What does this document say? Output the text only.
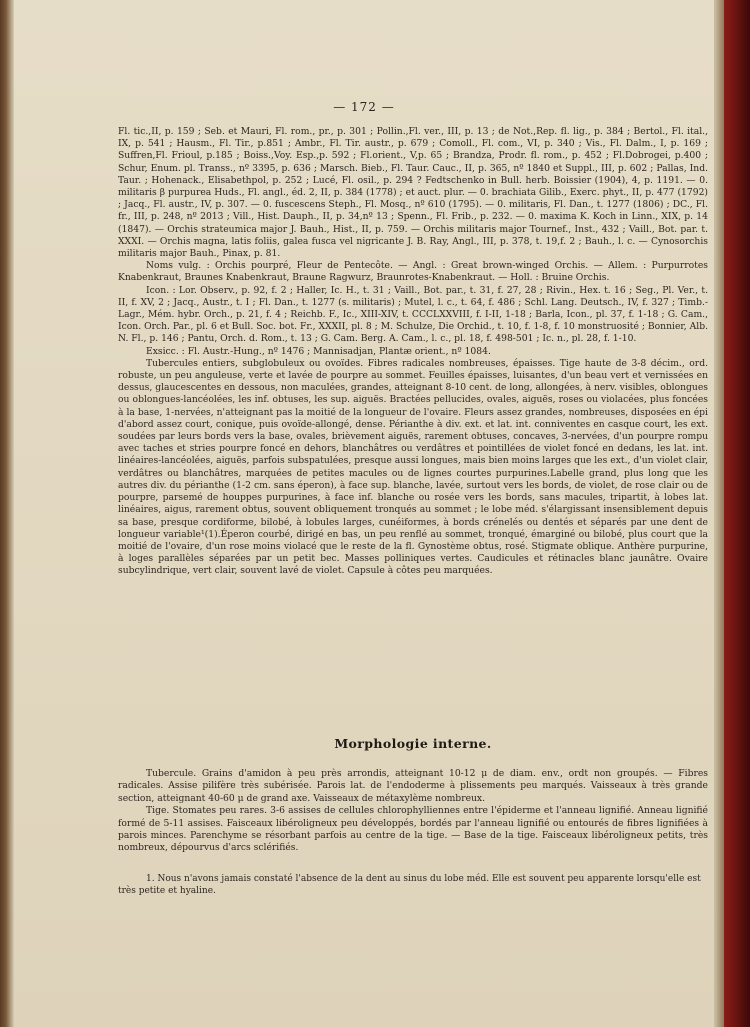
— 172 —

Fl. tic.,II, p. 159 ; Seb. et Mauri, Fl. rom., pr., p. 301 ; Pollin.,Fl. ver., III, p. 13 ; de Not.,Rep. fl. lig., p. 384 ; Bertol., Fl. ital., IX, p. 541 ; Hausm., Fl. Tir., p.851 ; Ambr., Fl. Tir. austr., p. 679 ; Comoll., Fl. com., VI, p. 340 ; Vis., Fl. Dalm., I, p. 169 ; Suffren,Fl. Frioul, p.185 ; Boiss.,Voy. Esp.,p. 592 ; Fl.orient., V,p. 65 ; Brandza, Prodr. fl. rom., p. 452 ; Fl.Dobrogei, p.400 ; Schur, Enum. pl. Transs., nº 3395, p. 636 ; Marsch. Bieb., Fl. Taur. Cauc., II, p. 365, nº 1840 et Suppl., III, p. 602 ; Pallas, Ind. Taur. ; Hohenack., Elisabethpol, p. 252 ; Lucé, Fl. osil., p. 294 ? Fedtschenko in Bull. herb. Boissier (1904), 4, p. 1191. — 0. militaris β purpurea Huds., Fl. angl., éd. 2, II, p. 384 (1778) ; et auct. plur. — 0. brachiata Gilib., Exerc. phyt., II, p. 477 (1792) ; Jacq., Fl. austr., IV, p. 307. — 0. fuscescens Steph., Fl. Mosq., nº 610 (1795). — 0. militaris, Fl. Dan., t. 1277 (1806) ; DC., Fl. fr., III, p. 248, nº 2013 ; Vill., Hist. Dauph., II, p. 34,nº 13 ; Spenn., Fl. Frib., p. 232. — 0. maxima K. Koch in Linn., XIX, p. 14 (1847). — Orchis strateumica major J. Bauh., Hist., II, p. 759. — Orchis militaris major Tournef., Inst., 432 ; Vaill., Bot. par. t. XXXI. — Orchis magna, latis foliis, galea fusca vel nigricante J. B. Ray, Angl., III, p. 378, t. 19,f. 2 ; Bauh., l. c. — Cynosorchis militaris major Bauh., Pinax, p. 81.

Noms vulg. : Orchis pourpré, Fleur de Pentecôte. — Angl. : Great brown-winged Orchis. — Allem. : Purpurrotes Knabenkraut, Braunes Knabenkraut, Braune Ragwurz, Braunrotes-Knabenkraut. — Holl. : Bruine Orchis.

Icon. : Lor. Observ., p. 92, f. 2 ; Haller, Ic. H., t. 31 ; Vaill., Bot. par., t. 31, f. 27, 28 ; Rivin., Hex. t. 16 ; Seg., Pl. Ver., t. II, f. XV, 2 ; Jacq., Austr., t. I ; Fl. Dan., t. 1277 (s. militaris) ; Mutel, l. c., t. 64, f. 486 ; Schl. Lang. Deutsch., IV, f. 327 ; Timb.-Lagr., Mém. hybr. Orch., p. 21, f. 4 ; Reichb. F., Ic., XIII-XIV, t. CCCLXXVIII, f. I-II, 1-18 ; Barla, Icon., pl. 37, f. 1-18 ; G. Cam., Icon. Orch. Par., pl. 6 et Bull. Soc. bot. Fr., XXXII, pl. 8 ; M. Schulze, Die Orchid., t. 10, f. 1-8, f. 10 monstruosité ; Bonnier, Alb. N. Fl., p. 146 ; Pantu, Orch. d. Rom., t. 13 ; G. Cam. Berg. A. Cam., l. c., pl. 18, f. 498-501 ; Ic. n., pl. 28, f. 1-10.

Exsicc. : Fl. Austr.-Hung., nº 1476 ; Mannisadjan, Plantæ orient., nº 1084.

Tubercules entiers, subglobuleux ou ovoïdes. Fibres radicales nombreuses, épaisses. Tige haute de 3-8 décim., ord. robuste, un peu anguleuse, verte et lavée de pourpre au sommet. Feuilles épaisses, luisantes, d'un beau vert et vernissées en dessus, glaucescentes en dessous, non maculées, grandes, atteignant 8-10 cent. de long, allongées, à nerv. visibles, oblongues ou oblongues-lancéolées, les inf. obtuses, les sup. aiguës. Bractées pellucides, ovales, aiguës, roses ou violacées, plus foncées à la base, 1-nervées, n'atteignant pas la moitié de la longueur de l'ovaire. Fleurs assez grandes, nombreuses, disposées en épi d'abord assez court, conique, puis ovoïde-allongé, dense. Périanthe à div. ext. et lat. int. conniventes en casque court, les ext. soudées par leurs bords vers la base, ovales, brièvement aiguës, rarement obtuses, concaves, 3-nervées, d'un pourpre rompu avec taches et stries pourpre foncé en dehors, blanchâtres ou verdâtres et pointillées de violet foncé en dedans, les lat. int. linéaires-lancéolées, aiguës, parfois subspatulées, presque aussi longues, mais bien moins larges que les ext., d'un violet clair, verdâtres ou blanchâtres, marquées de petites macules ou de lignes courtes purpurines.Labelle grand, plus long que les autres div. du périanthe (1-2 cm. sans éperon), à face sup. blanche, lavée, surtout vers les bords, de violet, de rose clair ou de pourpre, parsemé de houppes purpurines, à face inf. blanche ou rosée vers les bords, sans macules, tripartit, à lobes lat. linéaires, aigus, rarement obtus, souvent obliquement tronqués au sommet ; le lobe méd. s'élargissant insensiblement depuis sa base, presque cordiforme, bilobé, à lobules larges, cunéiformes, à bords crénelés ou dentés et séparés par une dent de longueur variable¹(1).Éperon courbé, dirigé en bas, un peu renflé au sommet, tronqué, émarginé ou bilobé, plus court que la moitié de l'ovaire, d'un rose moins violacé que le reste de la fl. Gynostème obtus, rosé. Stigmate oblique. Anthère purpurine, à loges parallèles séparées par un petit bec. Masses polliniques vertes. Caudicules et rétinacles blanc jaunâtre. Ovaire subcylindrique, vert clair, souvent lavé de violet. Capsule à côtes peu marquées.

Morphologie interne.

Tubercule. Grains d'amidon à peu près arrondis, atteignant 10-12 μ de diam. env., ordt non groupés. — Fibres radicales. Assise pilifère très subérisée. Parois lat. de l'endoderme à plissements peu marqués. Vaisseaux à très grande section, atteignant 40-60 μ de grand axe. Vaisseaux de métaxylème nombreux.

Tige. Stomates peu rares. 3-6 assises de cellules chlorophylliennes entre l'épiderme et l'anneau lignifié. Anneau lignifié formé de 5-11 assises. Faisceaux libéroligneux peu développés, bordés par l'anneau lignifié ou entourés de fibres lignifiées à parois minces. Parenchyme se résorbant parfois au centre de la tige. — Base de la tige. Faisceaux libéroligneux petits, très nombreux, dépourvus d'arcs sclérifiés.

1. Nous n'avons jamais constaté l'absence de la dent au sinus du lobe méd. Elle est souvent peu apparente lorsqu'elle est très petite et hyaline.
